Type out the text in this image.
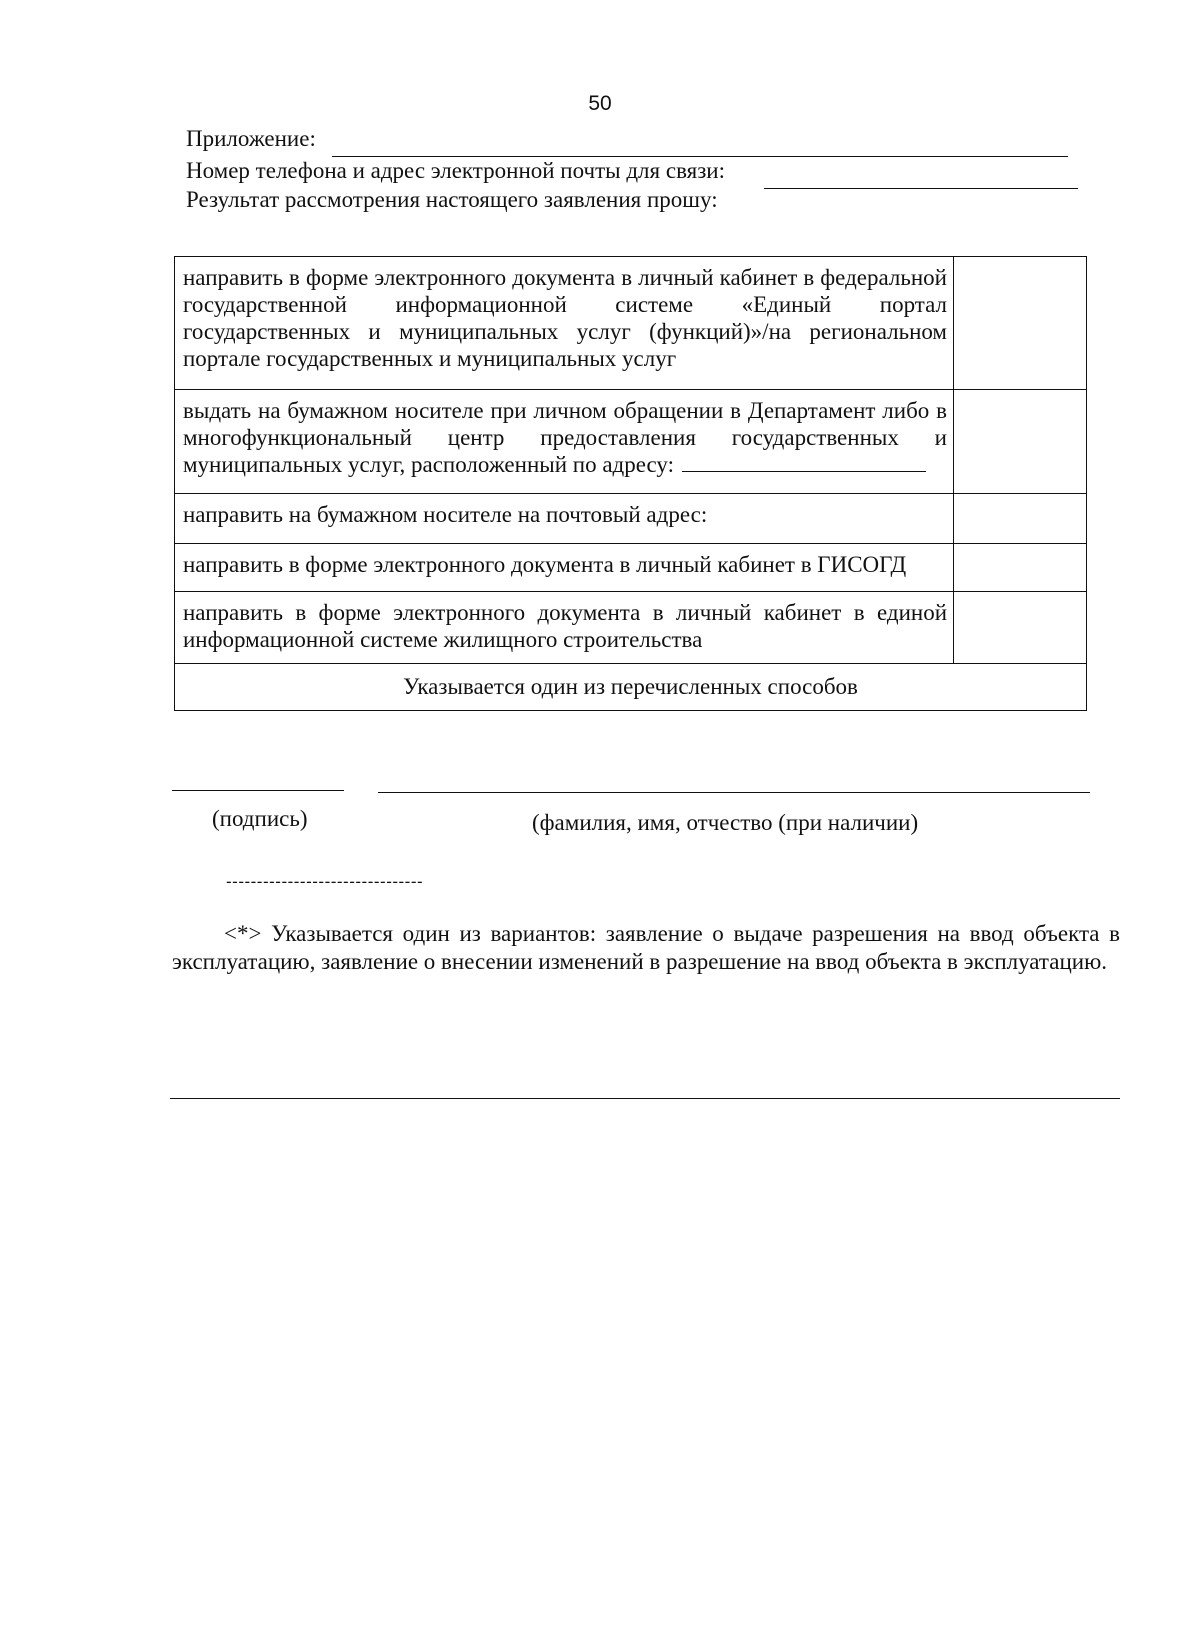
50
Приложение:
Номер телефона и адрес электронной почты для связи:
Результат рассмотрения настоящего заявления прошу:
направить в форме электронного документа в личный кабинет в федеральной государственной информационной системе «Единый портал государственных и муниципальных услуг (функций)»/на региональном портале государственных и муниципальных услуг	
выдать на бумажном носителе при личном обращении в Департамент либо в многофункциональный центр предоставления государственных и муниципальных услуг, расположенный по адресу:	
направить на бумажном носителе на почтовый адрес:	
направить в форме электронного документа в личный кабинет в ГИСОГД	
направить в форме электронного документа в личный кабинет в единой информационной системе жилищного строительства	
Указывается один из перечисленных способов	
(подпись)	(фамилия, имя, отчество (при наличии)
--------------------------------
<*> Указывается один из вариантов: заявление о выдаче разрешения на ввод объекта в эксплуатацию, заявление о внесении изменений в разрешение на ввод объекта в эксплуатацию.
